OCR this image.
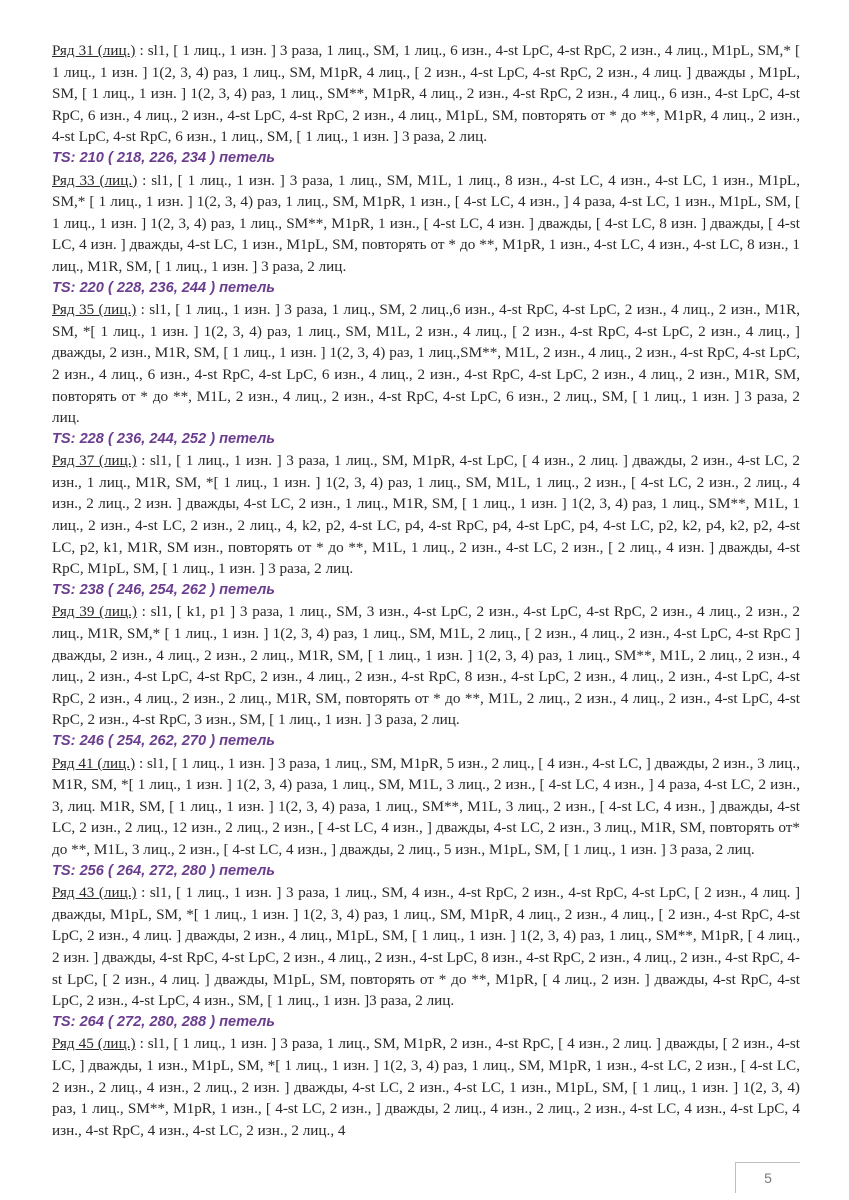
Ряд 31 (лиц.) : sl1, [ 1 лиц., 1 изн. ] 3 раза, 1 лиц., SM, 1 лиц., 6 изн., 4-st LpC, 4-st RpC, 2 изн., 4 лиц., M1pL, SM,* [ 1 лиц., 1 изн. ] 1(2, 3, 4) раз, 1 лиц., SM, M1pR, 4 лиц., [ 2 изн., 4-st LpC, 4-st RpC, 2 изн., 4 лиц. ] дважды , M1pL, SM, [ 1 лиц., 1 изн. ] 1(2, 3, 4) раз, 1 лиц., SM**, M1pR, 4 лиц., 2 изн., 4-st RpC, 2 изн., 4 лиц., 6 изн., 4-st LpC, 4-st RpC, 6 изн., 4 лиц., 2 изн., 4-st LpC, 4-st RpC, 2 изн., 4 лиц., M1pL, SM, повторять от * до **, M1pR, 4 лиц., 2 изн., 4-st LpC, 4-st RpC, 6 изн., 1 лиц., SM, [ 1 лиц., 1 изн. ] 3 раза, 2 лиц.

TS: 210 ( 218, 226, 234 ) петель

Ряд 33 (лиц.) : sl1, [ 1 лиц., 1 изн. ] 3 раза, 1 лиц., SM, M1L, 1 лиц., 8 изн., 4-st LC, 4 изн., 4-st LC, 1 изн., M1pL, SM,* [ 1 лиц., 1 изн. ] 1(2, 3, 4) раз, 1 лиц., SM, M1pR, 1 изн., [ 4-st LC, 4 изн., ] 4 раза, 4-st LC, 1 изн., M1pL, SM, [ 1 лиц., 1 изн. ] 1(2, 3, 4) раз, 1 лиц., SM**, M1pR, 1 изн., [ 4-st LC, 4 изн. ] дважды, [ 4-st LC, 8 изн. ] дважды, [ 4-st LC, 4 изн. ] дважды, 4-st LC, 1 изн., M1pL, SM, повторять от * до **, M1pR, 1 изн., 4-st LC, 4 изн., 4-st LC, 8 изн., 1 лиц., M1R, SM, [ 1 лиц., 1 изн. ] 3 раза, 2 лиц.

TS: 220 ( 228, 236, 244 ) петель

Ряд 35 (лиц.) : sl1, [ 1 лиц., 1 изн. ] 3 раза, 1 лиц., SM, 2 лиц.,6 изн., 4-st RpC, 4-st LpC, 2 изн., 4 лиц., 2 изн., M1R, SM, *[ 1 лиц., 1 изн. ] 1(2, 3, 4) раз, 1 лиц., SM, M1L, 2 изн., 4 лиц., [ 2 изн., 4-st RpC, 4-st LpC, 2 изн., 4 лиц., ] дважды, 2 изн., M1R, SM, [ 1 лиц., 1 изн. ] 1(2, 3, 4) раз, 1 лиц.,SM**, M1L, 2 изн., 4 лиц., 2 изн., 4-st RpC, 4-st LpC, 2 изн., 4 лиц., 6 изн., 4-st RpC, 4-st LpC, 6 изн., 4 лиц., 2 изн., 4-st RpC, 4-st LpC, 2 изн., 4 лиц., 2 изн., M1R, SM, повторять от * до **, M1L, 2 изн., 4 лиц., 2 изн., 4-st RpC, 4-st LpC, 6 изн., 2 лиц., SM, [ 1 лиц., 1 изн. ] 3 раза, 2 лиц.

TS: 228 ( 236, 244, 252 ) петель

Ряд 37 (лиц.) : sl1, [ 1 лиц., 1 изн. ] 3 раза, 1 лиц., SM, M1pR, 4-st LpC, [ 4 изн., 2 лиц. ] дважды, 2 изн., 4-st LC, 2 изн., 1 лиц., M1R, SM, *[ 1 лиц., 1 изн. ] 1(2, 3, 4) раз, 1 лиц., SM, M1L, 1 лиц., 2 изн., [ 4-st LC, 2 изн., 2 лиц., 4 изн., 2 лиц., 2 изн. ] дважды, 4-st LC, 2 изн., 1 лиц., M1R, SM, [ 1 лиц., 1 изн. ] 1(2, 3, 4) раз, 1 лиц., SM**, M1L, 1 лиц., 2 изн., 4-st LC, 2 изн., 2 лиц., 4, k2, p2, 4-st LC, p4, 4-st RpC, p4, 4-st LpC, p4, 4-st LC, p2, k2, p4, k2, p2, 4-st LC, p2, k1, M1R, SM изн., повторять от * до **, M1L, 1 лиц., 2 изн., 4-st LC, 2 изн., [ 2 лиц., 4 изн. ] дважды, 4-st RpC, M1pL, SM, [ 1 лиц., 1 изн. ] 3 раза, 2 лиц.

TS: 238 ( 246, 254, 262 ) петель

Ряд 39 (лиц.) : sl1, [ k1, p1 ] 3 раза, 1 лиц., SM, 3 изн., 4-st LpC, 2 изн., 4-st LpC, 4-st RpC, 2 изн., 4 лиц., 2 изн., 2 лиц., M1R, SM,* [ 1 лиц., 1 изн. ] 1(2, 3, 4) раз, 1 лиц., SM, M1L, 2 лиц., [ 2 изн., 4 лиц., 2 изн., 4-st LpC, 4-st RpC ] дважды, 2 изн., 4 лиц., 2 изн., 2 лиц., M1R, SM, [ 1 лиц., 1 изн. ] 1(2, 3, 4) раз, 1 лиц., SM**, M1L, 2 лиц., 2 изн., 4 лиц., 2 изн., 4-st LpC, 4-st RpC, 2 изн., 4 лиц., 2 изн., 4-st RpC, 8 изн., 4-st LpC, 2 изн., 4 лиц., 2 изн., 4-st LpC, 4-st RpC, 2 изн., 4 лиц., 2 изн., 2 лиц., M1R, SM, повторять от * до **, M1L, 2 лиц., 2 изн., 4 лиц., 2 изн., 4-st LpC, 4-st RpC, 2 изн., 4-st RpC, 3 изн., SM, [ 1 лиц., 1 изн. ] 3 раза, 2 лиц.

TS: 246 ( 254, 262, 270 ) петель

Ряд 41 (лиц.) : sl1, [ 1 лиц., 1 изн. ] 3 раза, 1 лиц., SM, M1pR, 5 изн., 2 лиц., [ 4 изн., 4-st LC, ] дважды, 2 изн., 3 лиц., M1R, SM, *[ 1 лиц., 1 изн. ] 1(2, 3, 4) раза, 1 лиц., SM, M1L, 3 лиц., 2 изн., [ 4-st LC, 4 изн., ] 4 раза, 4-st LC, 2 изн., 3, лиц. M1R, SM, [ 1 лиц., 1 изн. ] 1(2, 3, 4) раза, 1 лиц., SM**, M1L, 3 лиц., 2 изн., [ 4-st LC, 4 изн., ] дважды, 4-st LC, 2 изн., 2 лиц., 12 изн., 2 лиц., 2 изн., [ 4-st LC, 4 изн., ] дважды, 4-st LC, 2 изн., 3 лиц., M1R, SM, повторять от* до **, M1L, 3 лиц., 2 изн., [ 4-st LC, 4 изн., ] дважды, 2 лиц., 5 изн., M1pL, SM, [ 1 лиц., 1 изн. ] 3 раза, 2 лиц.

TS: 256 ( 264, 272, 280 ) петель

Ряд 43 (лиц.) : sl1, [ 1 лиц., 1 изн. ] 3 раза, 1 лиц., SM, 4 изн., 4-st RpC, 2 изн., 4-st RpC, 4-st LpC, [ 2 изн., 4 лиц. ] дважды, M1pL, SM, *[ 1 лиц., 1 изн. ] 1(2, 3, 4) раз, 1 лиц., SM, M1pR, 4 лиц., 2 изн., 4 лиц., [ 2 изн., 4-st RpC, 4-st LpC, 2 изн., 4 лиц. ] дважды, 2 изн., 4 лиц., M1pL, SM, [ 1 лиц., 1 изн. ] 1(2, 3, 4) раз, 1 лиц., SM**, M1pR, [ 4 лиц., 2 изн. ] дважды, 4-st RpC, 4-st LpC, 2 изн., 4 лиц., 2 изн., 4-st LpC, 8 изн., 4-st RpC, 2 изн., 4 лиц., 2 изн., 4-st RpC, 4-st LpC, [ 2 изн., 4 лиц. ] дважды, M1pL, SM, повторять от * до **, M1pR, [ 4 лиц., 2 изн. ] дважды, 4-st RpC, 4-st LpC, 2 изн., 4-st LpC, 4 изн., SM, [ 1 лиц., 1 изн. ]3 раза, 2 лиц.

TS: 264 ( 272, 280, 288 ) петель

Ряд 45 (лиц.) : sl1, [ 1 лиц., 1 изн. ] 3 раза, 1 лиц., SM, M1pR, 2 изн., 4-st RpC, [ 4 изн., 2 лиц. ] дважды, [ 2 изн., 4-st LC, ] дважды, 1 изн., M1pL, SM, *[ 1 лиц., 1 изн. ] 1(2, 3, 4) раз, 1 лиц., SM, M1pR, 1 изн., 4-st LC, 2 изн., [ 4-st LC, 2 изн., 2 лиц., 4 изн., 2 лиц., 2 изн. ] дважды, 4-st LC, 2 изн., 4-st LC, 1 изн., M1pL, SM, [ 1 лиц., 1 изн. ] 1(2, 3, 4) раз, 1 лиц., SM**, M1pR, 1 изн., [ 4-st LC, 2 изн., ] дважды, 2 лиц., 4 изн., 2 лиц., 2 изн., 4-st LC, 4 изн., 4-st LpC, 4 изн., 4-st RpC, 4 изн., 4-st LC, 2 изн., 2 лиц., 4

5
